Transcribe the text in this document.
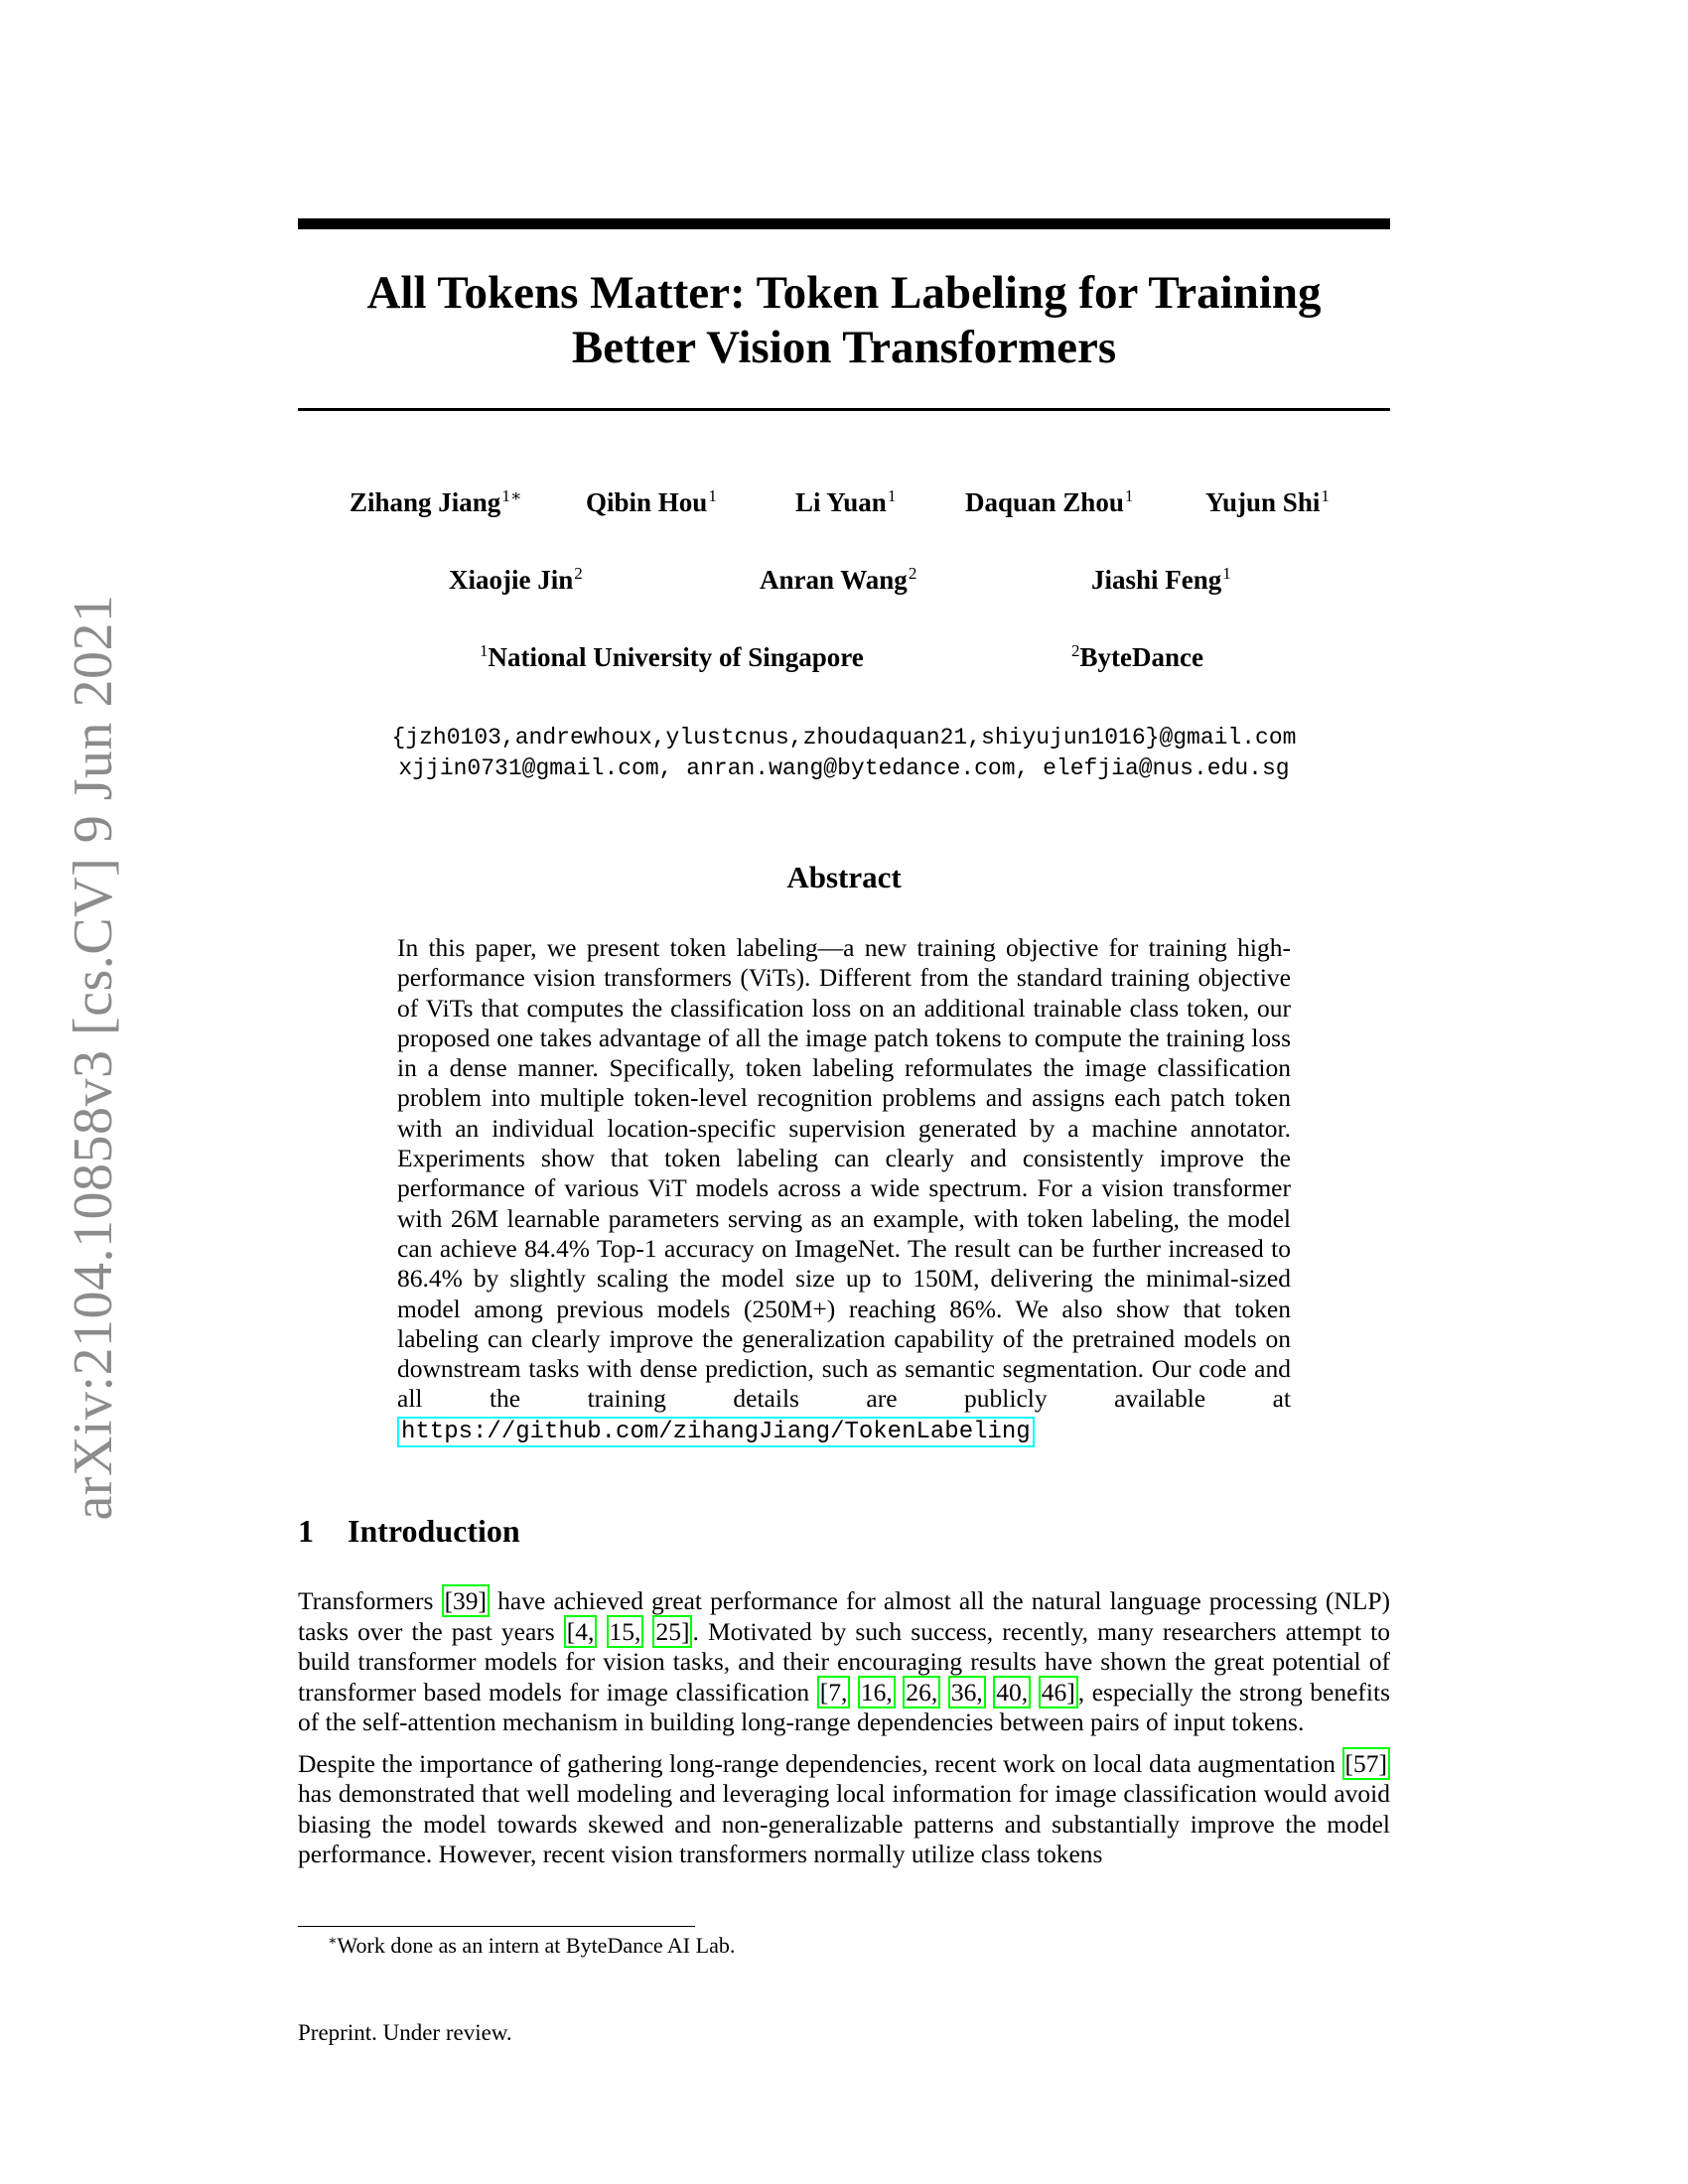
arXiv:2104.10858v3 [cs.CV] 9 Jun 2021
All Tokens Matter: Token Labeling for Training
Better Vision Transformers
Zihang Jiang$^{1∗}$ Qibin Hou$^1$	Li Yuan$^1$	Daquan Zhou$^1$	Yujun Shi$^1$
Xiaojie Jin$^2$	Anran Wang$^2$	Jiashi Feng$^1$
$^1$National University of Singapore	$^2$ByteDance
{jzh0103,andrewhoux,ylustcnus,zhoudaquan21,shiyujun1016}@gmail.com
xjjin0731@gmail.com, anran.wang@bytedance.com, elefjia@nus.edu.sg
Abstract
In this paper, we present token labeling—a new training objective for training high-performance vision transformers (ViTs). Different from the standard training objective of ViTs that computes the classification loss on an additional trainable class token, our proposed one takes advantage of all the image patch tokens to compute the training loss in a dense manner. Specifically, token labeling reformulates the image classification problem into multiple token-level recognition problems and assigns each patch token with an individual location-specific supervision generated by a machine annotator. Experiments show that token labeling can clearly and consistently improve the performance of various ViT models across a wide spectrum. For a vision transformer with 26M learnable parameters serving as an example, with token labeling, the model can achieve 84.4% Top-1 accuracy on ImageNet. The result can be further increased to 86.4% by slightly scaling the model size up to 150M, delivering the minimal-sized model among previous models (250M+) reaching 86%. We also show that token labeling can clearly improve the generalization capability of the pretrained models on downstream tasks with dense prediction, such as semantic segmentation. Our code and all the training details are publicly available at https://github.com/zihangJiang/TokenLabeling
1 Introduction

Transformers [39] have achieved great performance for almost all the natural language processing (NLP) tasks over the past years [4, 15, 25] . Motivated by such success, recently, many researchers attempt to build transformer models for vision tasks, and their encouraging results have shown the great potential of transformer based models for image classification [7, 16, 26, 36, 40, 46] , especially the strong benefits of the self-attention mechanism in building long-range dependencies between pairs of input tokens.

Despite the importance of gathering long-range dependencies, recent work on local data augmentation [57] has demonstrated that well modeling and leveraging local information for image classification would avoid biasing the model towards skewed and non-generalizable patterns and substantially improve the model performance. However, recent vision transformers normally utilize class tokens

∗Work done as an intern at ByteDance AI Lab.
Preprint. Under review.
